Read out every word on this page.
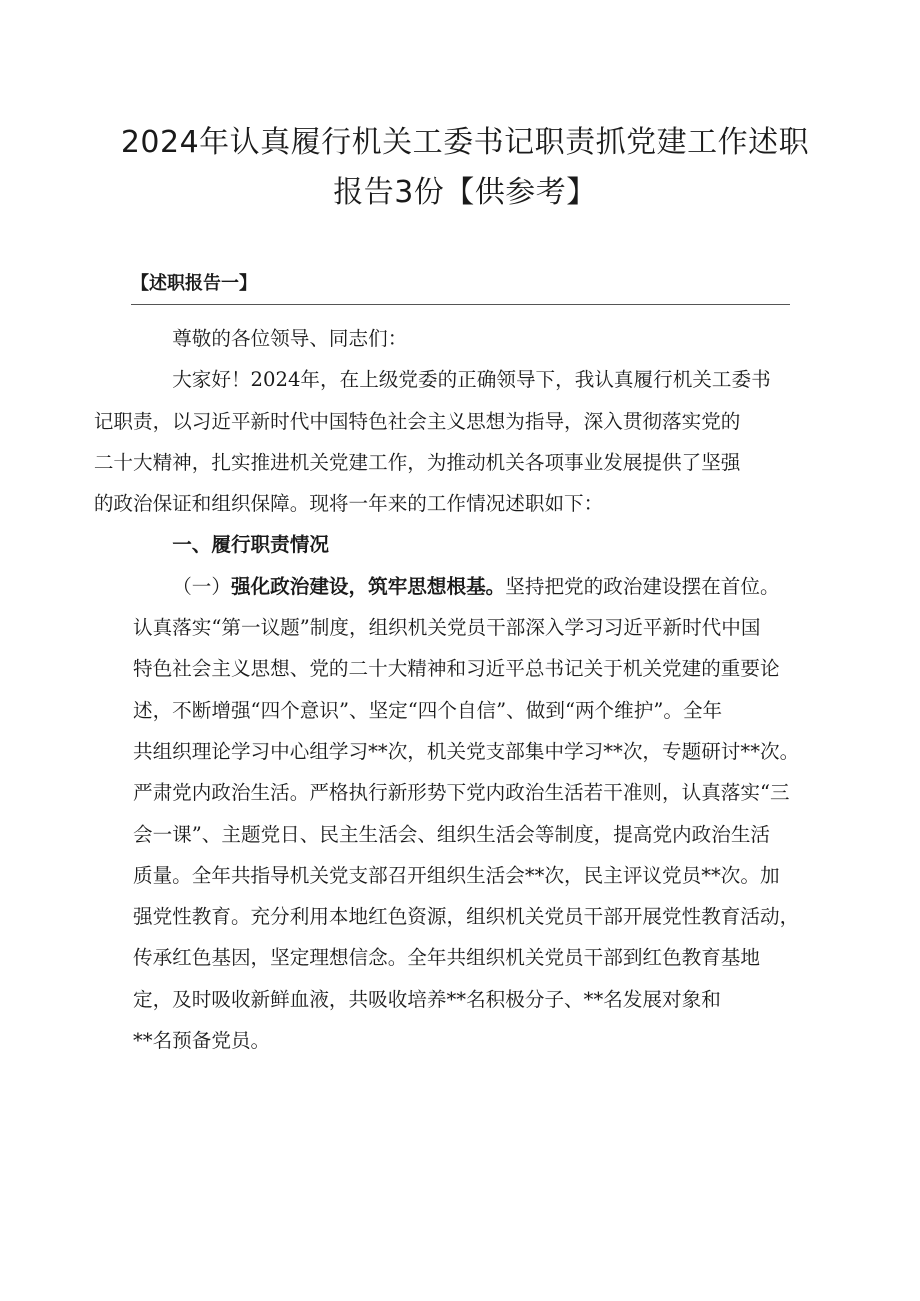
2024年认真履行机关工委书记职责抓党建工作述职
报告3份【供参考】
【述职报告一】

尊敬的各位领导、同志们：

大家好！2024年，在上级党委的正确领导下，我认真履行机关工委书
记职责，以习近平新时代中国特色社会主义思想为指导，深入贯彻落实党的
二十大精神，扎实推进机关党建工作，为推动机关各项事业发展提供了坚强
的政治保证和组织保障。现将一年来的工作情况述职如下：

一、履行职责情况

（一）强化政治建设，筑牢思想根基。坚持把党的政治建设摆在首位。
认真落实“第一议题”制度，组织机关党员干部深入学习习近平新时代中国
特色社会主义思想、党的二十大精神和习近平总书记关于机关党建的重要论
述，不断增强“四个意识”、坚定“四个自信”、做到“两个维护”。全年
共组织理论学习中心组学习**次，机关党支部集中学习**次，专题研讨**次。
严肃党内政治生活。严格执行新形势下党内政治生活若干准则，认真落实“三
会一课”、主题党日、民主生活会、组织生活会等制度，提高党内政治生活
质量。全年共指导机关党支部召开组织生活会**次，民主评议党员**次。加
强党性教育。充分利用本地红色资源，组织机关党员干部开展党性教育活动，
传承红色基因，坚定理想信念。全年共组织机关党员干部到红色教育基地

定，及时吸收新鲜血液，共吸收培养**名积极分子、**名发展对象和
**名预备党员。
